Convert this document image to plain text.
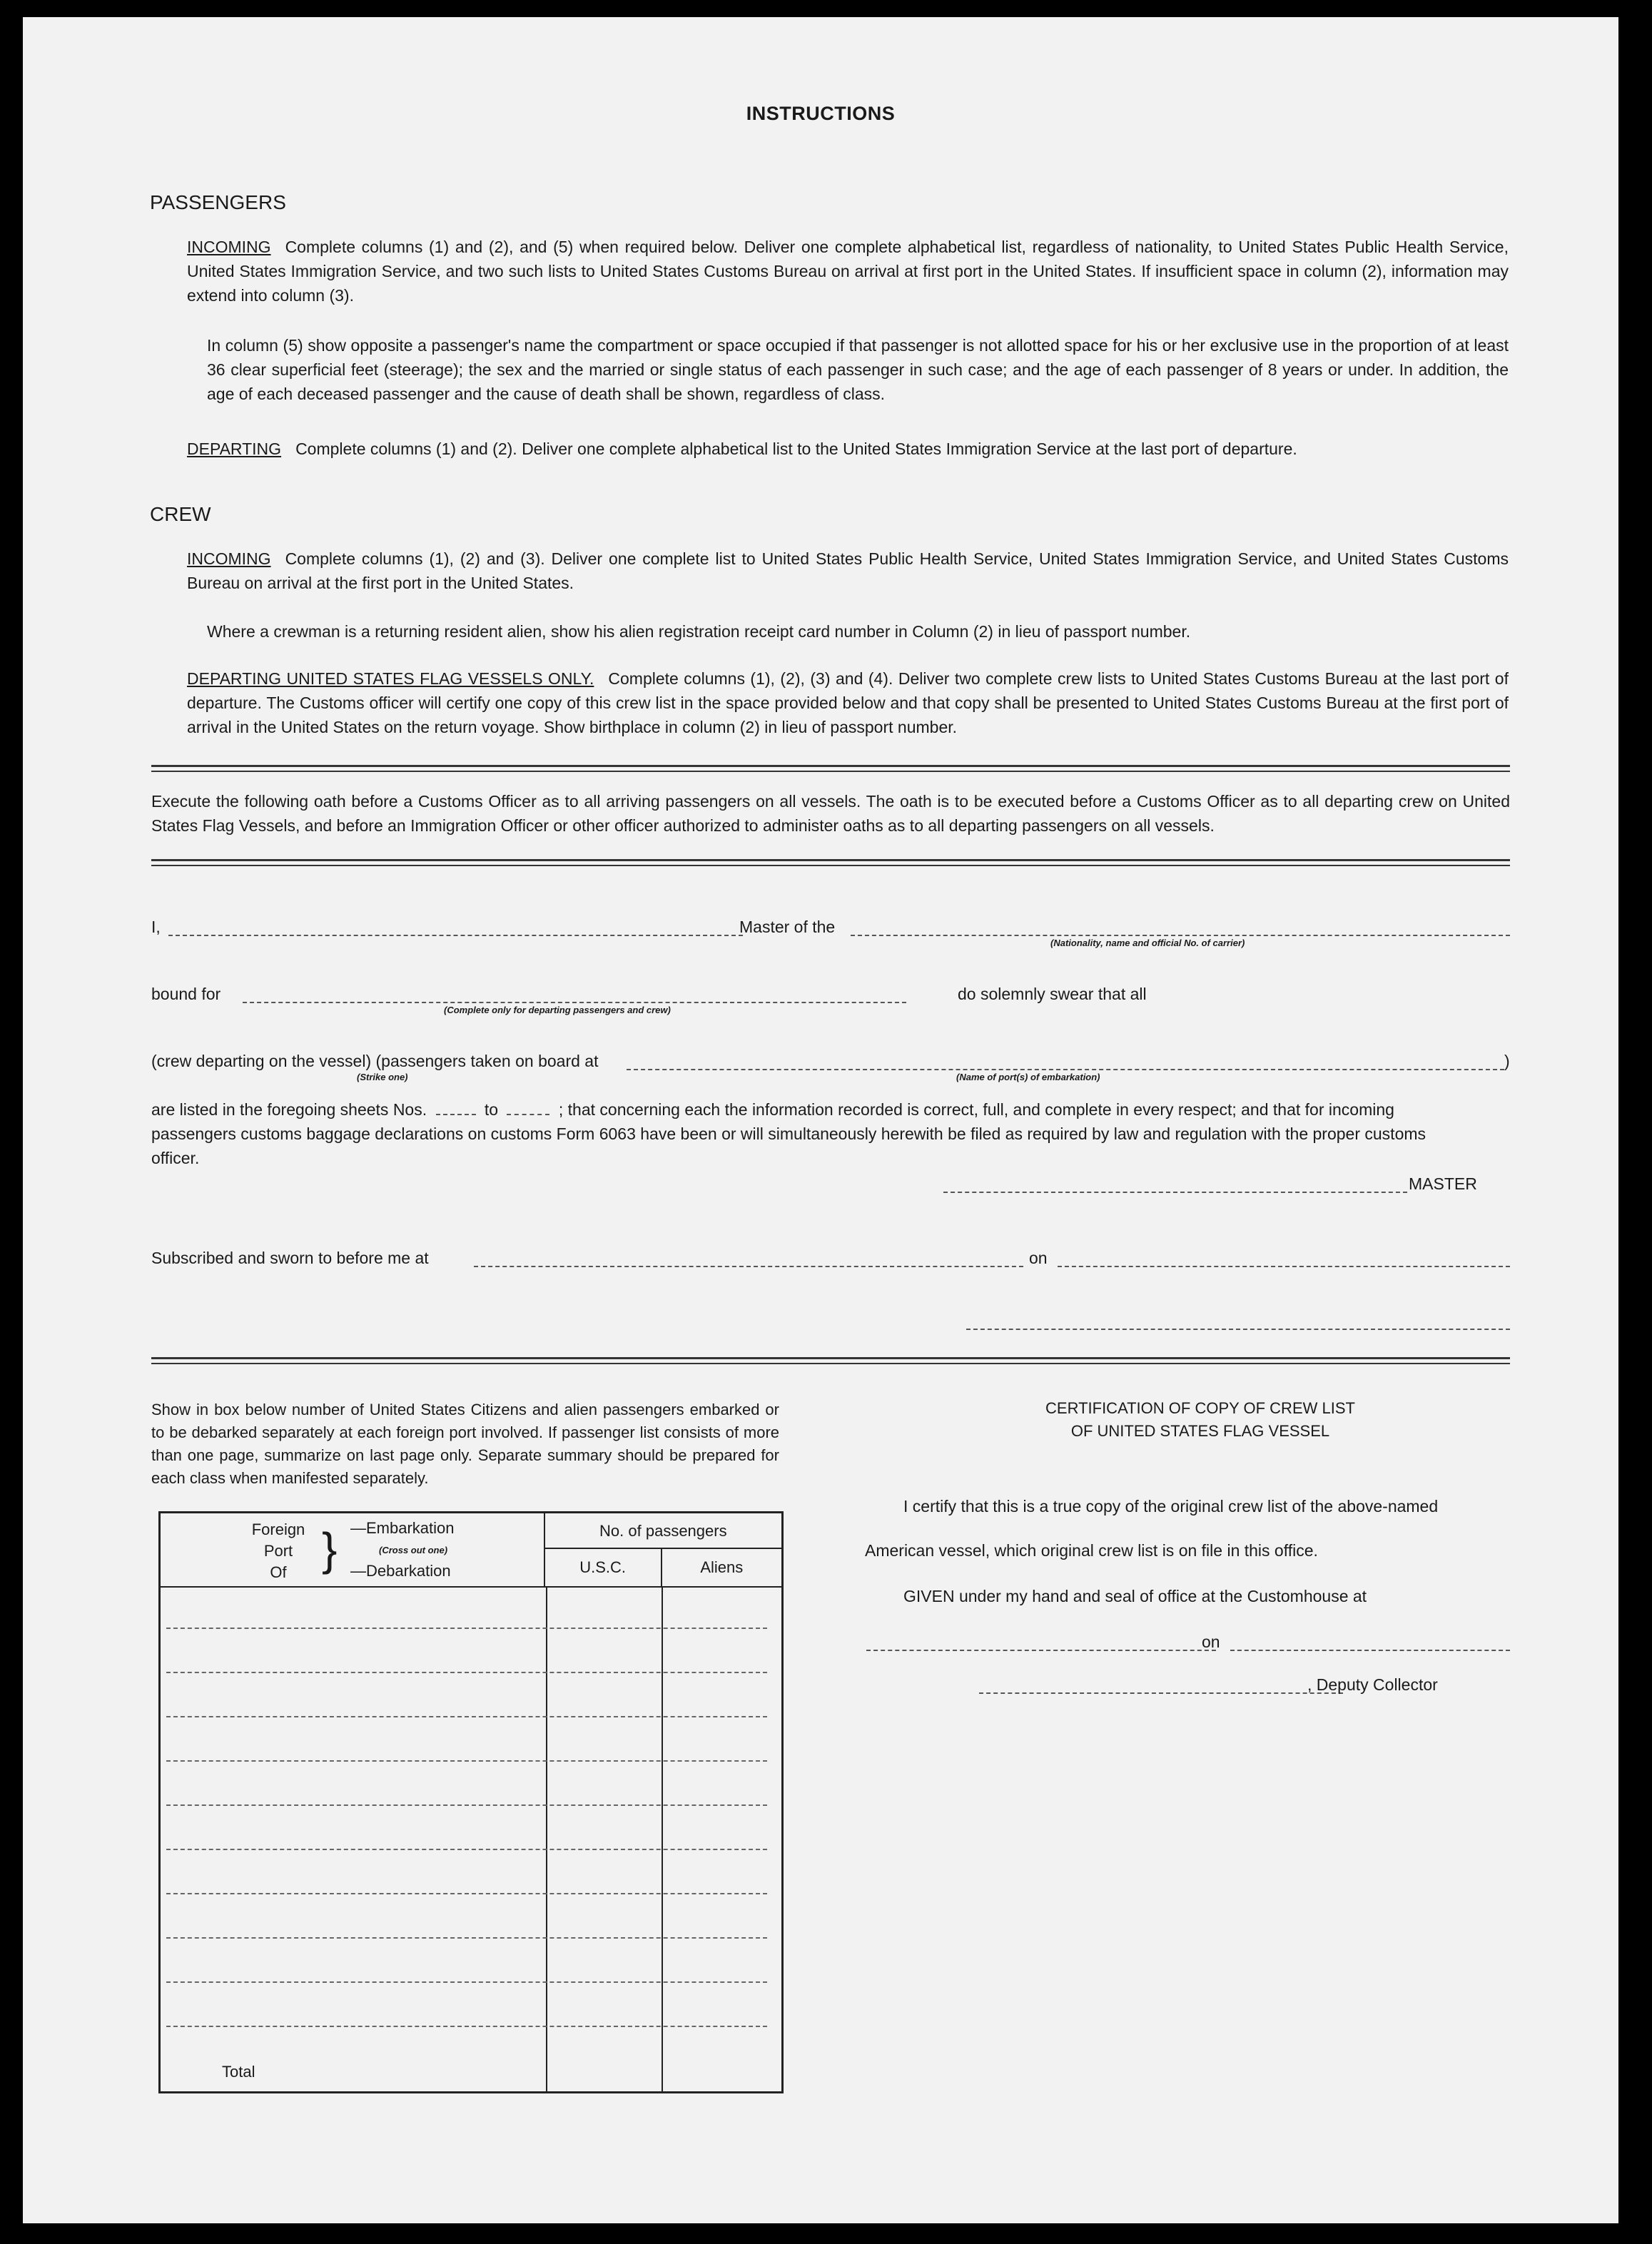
INSTRUCTIONS
PASSENGERS
INCOMING Complete columns (1) and (2), and (5) when required below. Deliver one complete alphabetical list, regardless of nationality, to United States Public Health Service, United States Immigration Service, and two such lists to United States Customs Bureau on arrival at first port in the United States. If insufficient space in column (2), information may extend into column (3).
In column (5) show opposite a passenger's name the compartment or space occupied if that passenger is not allotted space for his or her exclusive use in the proportion of at least 36 clear superficial feet (steerage); the sex and the married or single status of each passenger in such case; and the age of each passenger of 8 years or under. In addition, the age of each deceased passenger and the cause of death shall be shown, regardless of class.
DEPARTING Complete columns (1) and (2). Deliver one complete alphabetical list to the United States Immigration Service at the last port of departure.
CREW
INCOMING Complete columns (1), (2) and (3). Deliver one complete list to United States Public Health Service, United States Immigration Service, and United States Customs Bureau on arrival at the first port in the United States.
Where a crewman is a returning resident alien, show his alien registration receipt card number in Column (2) in lieu of passport number.
DEPARTING UNITED STATES FLAG VESSELS ONLY. Complete columns (1), (2), (3) and (4). Deliver two complete crew lists to United States Customs Bureau at the last port of departure. The Customs officer will certify one copy of this crew list in the space provided below and that copy shall be presented to United States Customs Bureau at the first port of arrival in the United States on the return voyage. Show birthplace in column (2) in lieu of passport number.
Execute the following oath before a Customs Officer as to all arriving passengers on all vessels. The oath is to be executed before a Customs Officer as to all departing crew on United States Flag Vessels, and before an Immigration Officer or other officer authorized to administer oaths as to all departing passengers on all vessels.
I,	Master of the
(Nationality, name and official No. of carrier)
bound for
(Complete only for departing passengers and crew)
do solemnly swear that all
(crew departing on the vessel) (passengers taken on board at	)
(Strike one)	(Name of port(s) of embarkation)
are listed in the foregoing sheets Nos.	to	; that concerning each the information recorded is correct, full, and complete in every respect; and that for incoming
passengers customs baggage declarations on customs Form 6063 have been or will simultaneously herewith be filed as required by law and regulation with the proper customs
officer.
MASTER
Subscribed and sworn to before me at	on
Show in box below number of United States Citizens and alien passengers embarked or to be debarked separately at each foreign port involved. If passenger list consists of more than one page, summarize on last page only. Separate summary should be prepared for each class when manifested separately.
Foreign
Port
Of } —Embarkation
(Cross out one)
—Debarkation

No. of passengers
U.S.C.	Aliens

Total
CERTIFICATION OF COPY OF CREW LIST
OF UNITED STATES FLAG VESSEL
I certify that this is a true copy of the original crew list of the above-named
American vessel, which original crew list is on file in this office.
GIVEN under my hand and seal of office at the Customhouse at
on
, Deputy Collector
